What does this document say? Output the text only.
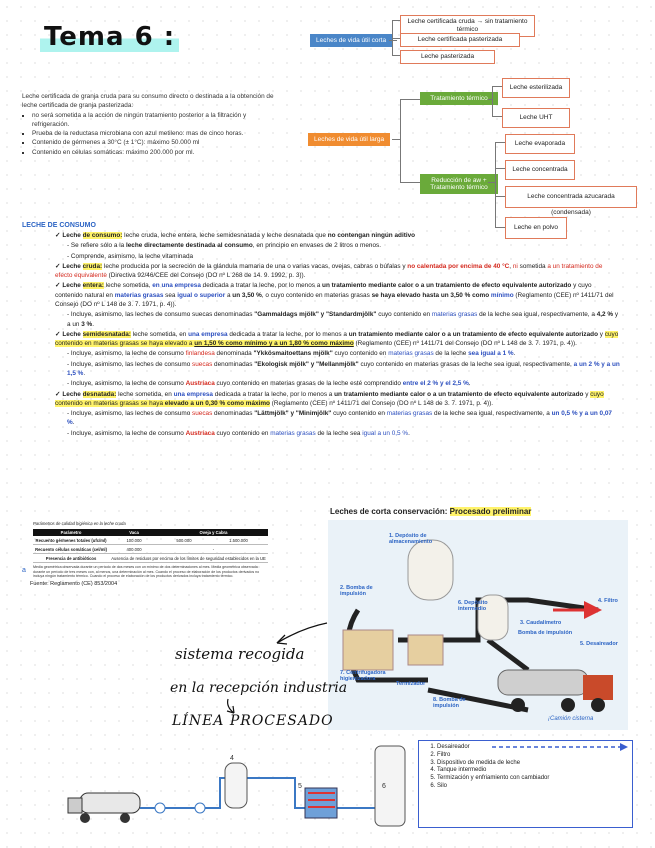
Tema 6 :	Leches de vida útil corta
Leche certificada cruda → sin tratamiento térmico
Leche certificada pasterizada
Leche pasterizada
Leches de vida útil larga
Tratamiento térmico
Leche esterilizada
Leche UHT
Reducción de aw + Tratamiento térmico
Leche evaporada
Leche concentrada
Leche concentrada azucarada (condensada)
Leche en polvo
Leche certificada de granja cruda para su consumo directo o destinada a la obtención de leche certificada de granja pasterizada:
▪ no será sometida a la acción de ningún tratamiento posterior a la filtración y refrigeración.
▪ Prueba de la reductasa microbiana con azul metileno: mas de cinco horas.
▪ Contenido de gérmenes a 30°C (± 1°C): máximo 50.000 ml
▪ Contenido en células somáticas: máximo 200.000 por ml.
LECHE DE CONSUMO

✓ Leche de consumo: leche cruda, leche entera, leche semidesnatada y leche desnatada que no contengan ningún aditivo

- Se refiere sólo a la leche directamente destinada al consumo, en principio en envases de 2 litros o menos.

- Comprende, asimismo, la leche vitaminada

✓ Leche cruda: leche producida por la secreción de la glándula mamaria de una o varias vacas, ovejas, cabras o búfalas y no calentada por encima de 40 °C, ni sometida a un tratamiento de efecto equivalente (Directiva 92/46/CEE del Consejo (DO nº L 268 de 14. 9. 1992, p. 3)).

✓ Leche entera: leche sometida, en una empresa dedicada a tratar la leche, por lo menos a un tratamiento mediante calor o a un tratamiento de efecto equivalente autorizado y cuyo contenido natural en materias grasas sea igual o superior a un 3,50 %, o cuyo contenido en materias grasas se haya elevado hasta un 3,50 % como mínimo (Reglamento (CEE) nº 1411/71 del Consejo (DO nº L 148 de 3. 7. 1971, p. 4)).

- Incluye, asimismo, las leches de consumo suecas denominadas "Gammaldags mjölk" y "Standardmjölk" cuyo contenido en materias grasas de la leche sea igual, respectivamente, a 4,2 % y a un 3 %.

✓ Leche semidesnatada: leche sometida, en una empresa dedicada a tratar la leche, por lo menos a un tratamiento mediante calor o a un tratamiento de efecto equivalente autorizado y cuyo contenido en materias grasas se haya elevado a un 1,50 % como mínimo y a un 1,80 % como máximo (Reglamento (CEE) nº 1411/71 del Consejo (DO nº L 148 de 3. 7. 1971, p. 4)).

- Incluye, asimismo, la leche de consumo finlandesa denominada "Ykkösmaitoettans mjölk" cuyo contenido en materias grasas de la leche sea igual a 1 %.

- Incluye, asimismo, las leches de consumo suecas denominadas "Ekologisk mjölk" y "Mellanmjölk" cuyo contenido en materias grasas de la leche sea igual, respectivamente, a un 2 % y a un 1,5 %.

- Incluye, asimismo, la leche de consumo Austríaca cuyo contenido en materias grasas de la leche esté comprendido entre el 2 % y el 2,5 %.

✓ Leche desnatada: leche sometida, en una empresa dedicada a tratar la leche, por lo menos a un tratamiento mediante calor o a un tratamiento de efecto equivalente autorizado y cuyo contenido en materias grasas se haya elevado a un 0,30 % como máximo (Reglamento (CEE) nº 1411/71 del Consejo (DO nº L 148 de 3. 7. 1971, p. 4)).

- Incluye, asimismo, las leches de consumo suecas denominadas "Lättmjölk" y "Minimjölk" cuyo contenido en materias grasas de la leche sea igual, respectivamente, a un 0,5 % y a un 0,07 %.

- Incluye, asimismo, la leche de consumo Austríaca cuyo contenido en materias grasas de la leche sea igual a un 0,5 %.

a
Parámetros de calidad higiénica en la leche cruda
Parámetro	Vaca	Oveja y Cabra	
Recuento gérmenes totales (ufc/ml)	100.000	500.000	1.500.000
Recuento células somáticas (cel/ml)	400.000	-	
Presencia de antibióticos	Ausencia de residuos por encima de los límites de seguridad establecidos en la UE		
Media geométrica observada durante un período de dos meses con un mínimo de dos determinaciones al mes. Media geométrica observada durante un período de tres meses con, al menos, una determinación al mes. Cuando el proceso de elaboración de los productos derivados no incluya ningún tratamiento térmico. Cuando el proceso de elaboración de los productos derivados incluya tratamiento térmico.
Fuente: Reglamento (CE) 853/2004
Leches de corta conservación: Procesado preliminar
1. Depósito de almacenamiento
2. Bomba de impulsión
3. Caudalímetro
Bomba de impulsión
4. Filtro
5. Desaireador
6. Depósito intermedio
7. Centrifugadora higienizadora
8. Bomba de impulsión
Termizador
¡Camión cisterna
sistema recogida
en la recepción industria
LÍNEA PROCESADO
6
5
4
1. Desaireador
2. Filtro
3. Dispositivo de medida de leche
4. Tanque intermedio
5. Termización y enfriamiento con cambiador
6. Silo
